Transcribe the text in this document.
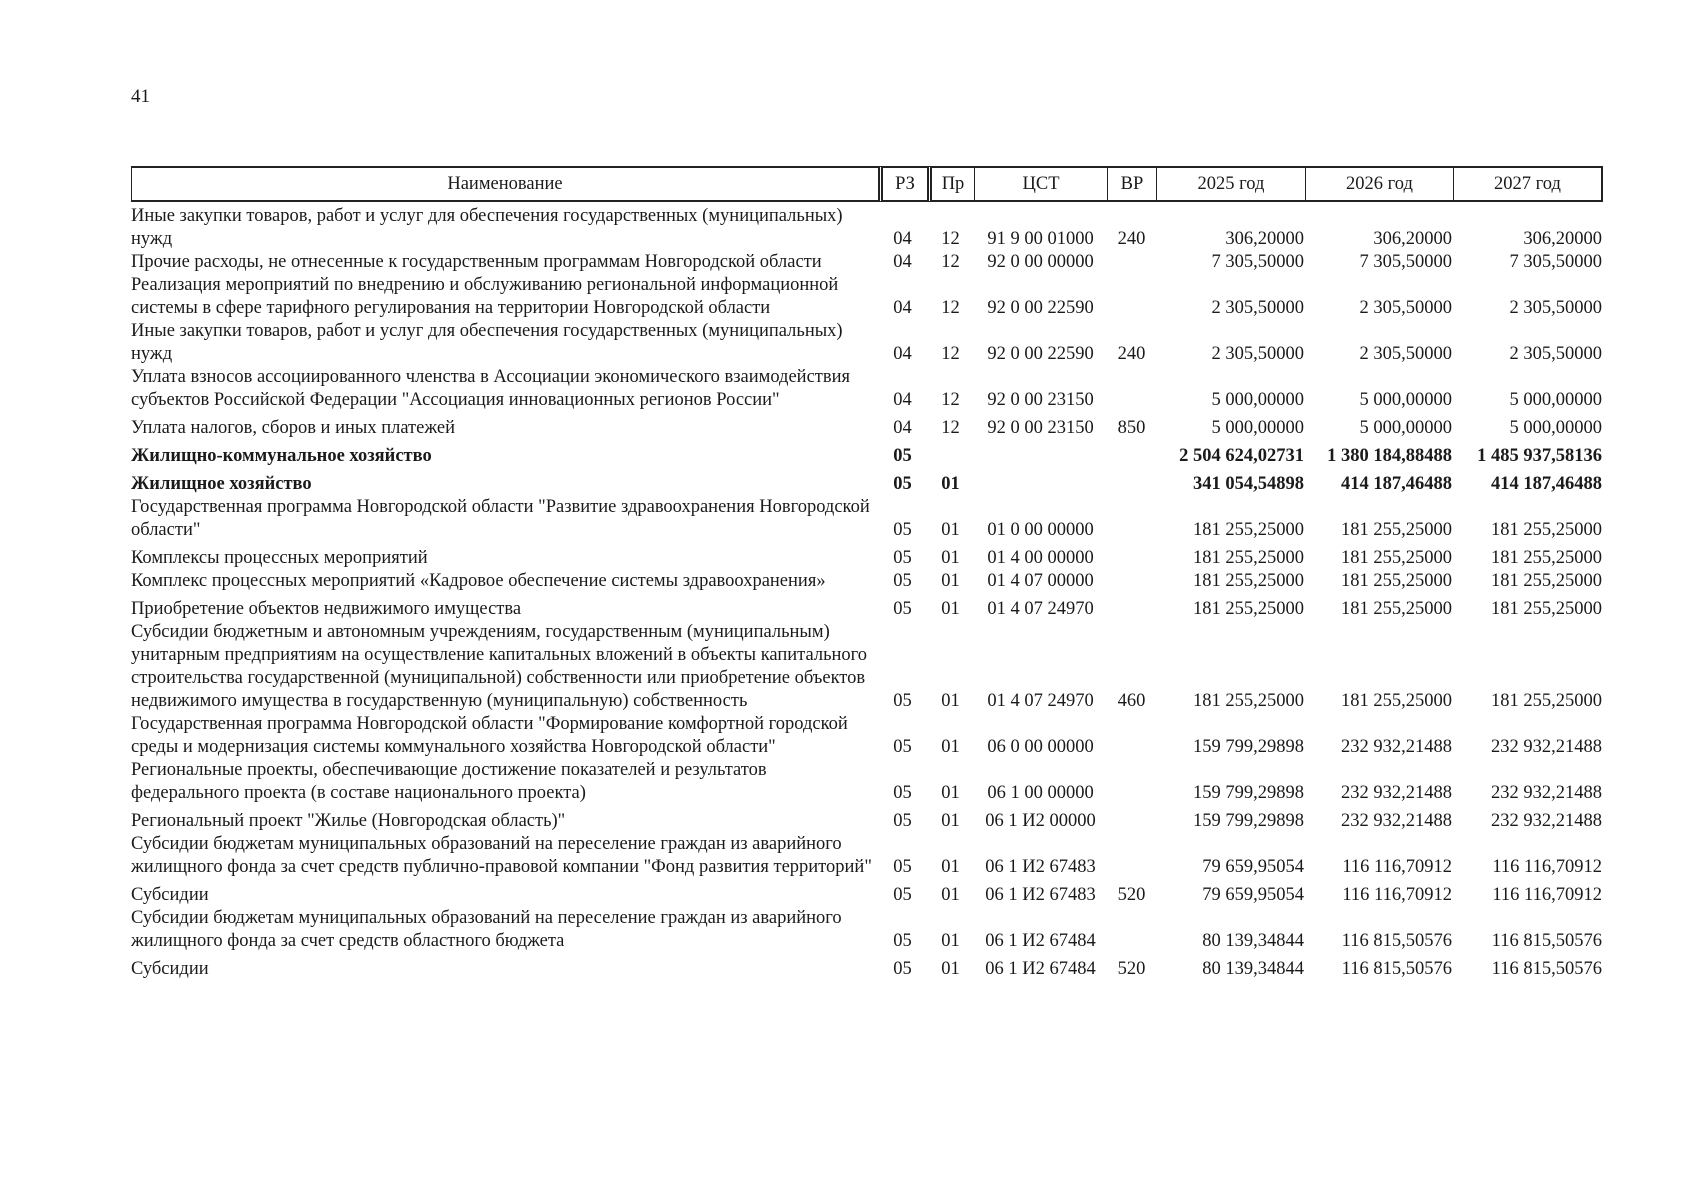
41
Наименование	РЗ	Пр	ЦСТ	ВР	2025 год	2026 год	2027 год
Иные закупки товаров, работ и услуг для обеспечения государственных (муниципальных) нужд	04	12	91 9 00 01000	240	306,20000	306,20000	306,20000
Прочие расходы, не отнесенные к государственным программам Новгородской области	04	12	92 0 00 00000		7 305,50000	7 305,50000	7 305,50000
Реализация мероприятий по внедрению и обслуживанию региональной информационной системы в сфере тарифного регулирования на территории Новгородской области	04	12	92 0 00 22590		2 305,50000	2 305,50000	2 305,50000
Иные закупки товаров, работ и услуг для обеспечения государственных (муниципальных) нужд	04	12	92 0 00 22590	240	2 305,50000	2 305,50000	2 305,50000
Уплата взносов ассоциированного членства в Ассоциации экономического взаимодействия субъектов Российской Федерации "Ассоциация инновационных регионов России"	04	12	92 0 00 23150		5 000,00000	5 000,00000	5 000,00000
Уплата налогов, сборов и иных платежей	04	12	92 0 00 23150	850	5 000,00000	5 000,00000	5 000,00000
Жилищно-коммунальное хозяйство	05				2 504 624,02731	1 380 184,88488	1 485 937,58136
Жилищное хозяйство	05	01			341 054,54898	414 187,46488	414 187,46488
Государственная программа Новгородской области "Развитие здравоохранения Новгородской области"	05	01	01 0 00 00000		181 255,25000	181 255,25000	181 255,25000
Комплексы процессных мероприятий	05	01	01 4 00 00000		181 255,25000	181 255,25000	181 255,25000
Комплекс процессных мероприятий «Кадровое обеспечение системы здравоохранения»	05	01	01 4 07 00000		181 255,25000	181 255,25000	181 255,25000
Приобретение объектов недвижимого имущества	05	01	01 4 07 24970		181 255,25000	181 255,25000	181 255,25000
Субсидии бюджетным и автономным учреждениям, государственным (муниципальным) унитарным предприятиям на осуществление капитальных вложений в объекты капитального строительства государственной (муниципальной) собственности или приобретение объектов недвижимого имущества в государственную (муниципальную) собственность	05	01	01 4 07 24970	460	181 255,25000	181 255,25000	181 255,25000
Государственная программа Новгородской области "Формирование комфортной городской среды и модернизация системы коммунального хозяйства Новгородской области"	05	01	06 0 00 00000		159 799,29898	232 932,21488	232 932,21488
Региональные проекты, обеспечивающие достижение показателей и результатов федерального проекта (в составе национального проекта)	05	01	06 1 00 00000		159 799,29898	232 932,21488	232 932,21488
Региональный проект "Жилье (Новгородская область)"	05	01	06 1 И2 00000		159 799,29898	232 932,21488	232 932,21488
Субсидии бюджетам муниципальных образований на переселение граждан из аварийного жилищного фонда за счет средств публично-правовой компании "Фонд развития территорий"	05	01	06 1 И2 67483		79 659,95054	116 116,70912	116 116,70912
Субсидии	05	01	06 1 И2 67483	520	79 659,95054	116 116,70912	116 116,70912
Субсидии бюджетам муниципальных образований на переселение граждан из аварийного жилищного фонда за счет средств областного бюджета	05	01	06 1 И2 67484		80 139,34844	116 815,50576	116 815,50576
Субсидии	05	01	06 1 И2 67484	520	80 139,34844	116 815,50576	116 815,50576
